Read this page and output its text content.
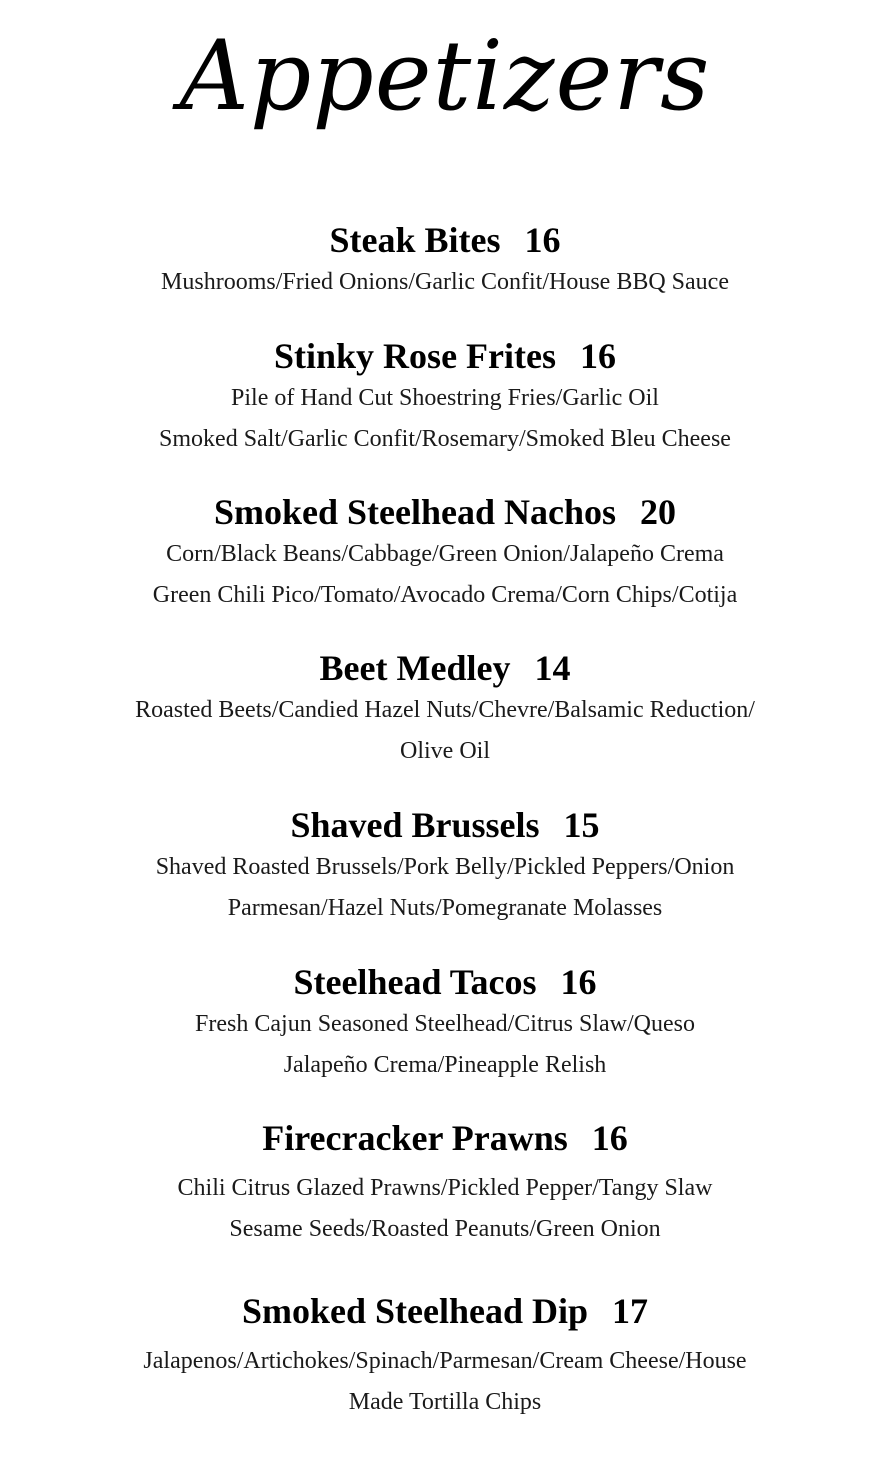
Appetizers
Steak Bites 16
Mushrooms/Fried Onions/Garlic Confit/House BBQ Sauce
Stinky Rose Frites 16
Pile of Hand Cut Shoestring Fries/Garlic Oil
Smoked Salt/Garlic Confit/Rosemary/Smoked Bleu Cheese
Smoked Steelhead Nachos 20
Corn/Black Beans/Cabbage/Green Onion/Jalapeño Crema
Green Chili Pico/Tomato/Avocado Crema/Corn Chips/Cotija
Beet Medley 14
Roasted Beets/Candied Hazel Nuts/Chevre/Balsamic Reduction/
Olive Oil
Shaved Brussels 15
Shaved Roasted Brussels/Pork Belly/Pickled Peppers/Onion
Parmesan/Hazel Nuts/Pomegranate Molasses
Steelhead Tacos 16
Fresh Cajun Seasoned Steelhead/Citrus Slaw/Queso
Jalapeño Crema/Pineapple Relish
Firecracker Prawns 16
Chili Citrus Glazed Prawns/Pickled Pepper/Tangy Slaw
Sesame Seeds/Roasted Peanuts/Green Onion
Smoked Steelhead Dip 17
Jalapenos/Artichokes/Spinach/Parmesan/Cream Cheese/House
Made Tortilla Chips
